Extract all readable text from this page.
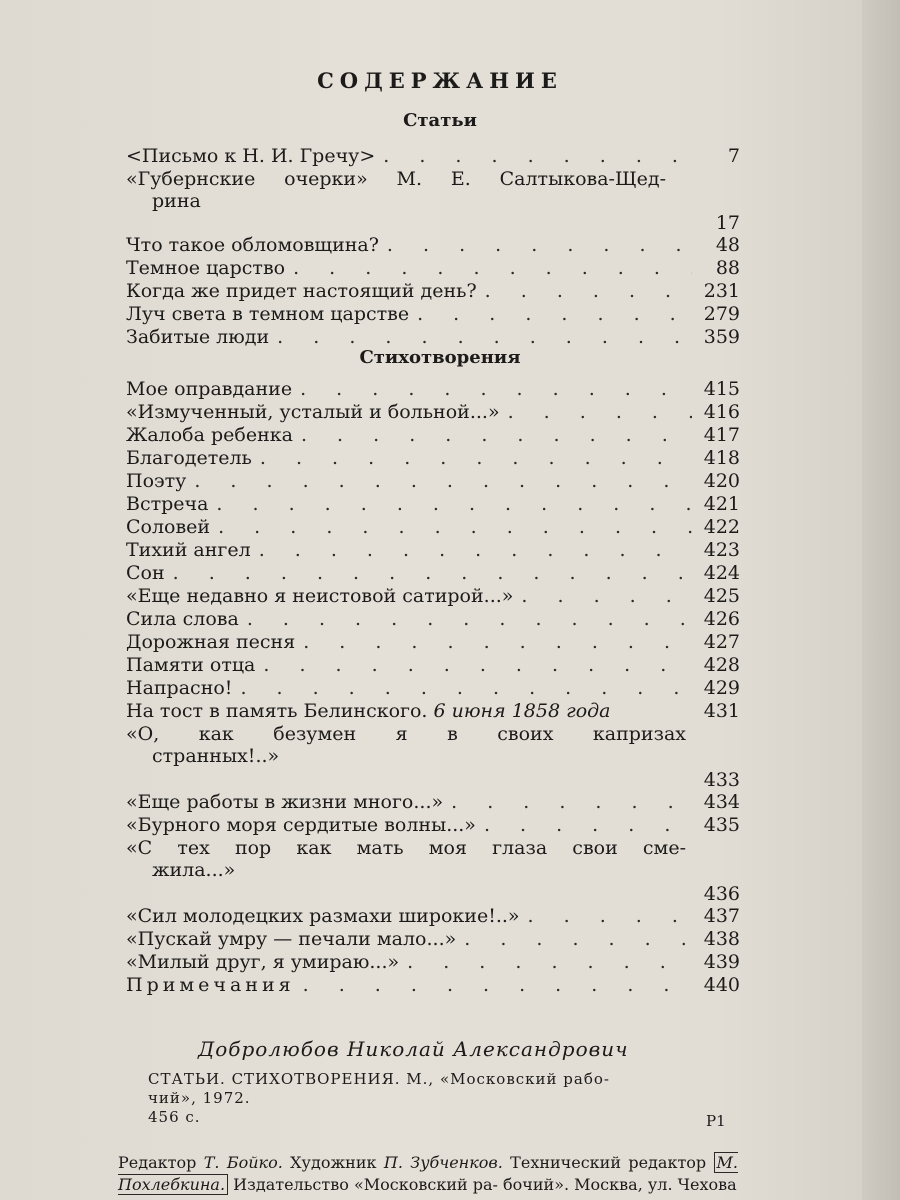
СОДЕРЖАНИЕ
Статьи
<Письмо к Н. И. Гречу> . . .	7
«Губернские очерки» М. Е. Салтыкова-Щед-
рина
17
Что такое обломовщина? . . .	48
Темное царство . . .	88
Когда же придет настоящий день? . . .	231
Луч света в темном царстве . . .	279
Забитые люди . . .	359
Стихотворения
Мое оправдание . . .	415
«Измученный, усталый и больной...» . . .	416
Жалоба ребенка . . .	417
Благодетель . . .	418
Поэту . . .	420
Встреча . . .	421
Соловей . . .	422
Тихий ангел . . .	423
Сон . . .	424
«Еще недавно я неистовой сатирой...» . . .	425
Сила слова . . .	426
Дорожная песня . . .	427
Памяти отца . . .	428
Напрасно! . . .	429
На тост в память Белинского. 6 июня 1858 года	431
«О, как безумен я в своих капризах
странных!..»
433
«Еще работы в жизни много...» . . .	434
«Бурного моря сердитые волны...» . . .	435
«С тех пор как мать моя глаза свои сме-
жила...»
436
«Сил молодецких размахи широкие!..» . . .	437
«Пускай умру — печали мало...» . . .	438
«Милый друг, я умираю...» . . .	439
Примечания . . .	440
Добролюбов Николай Александрович
СТАТЬИ. СТИХОТВОРЕНИЯ. М., «Московский рабо-
чий», 1972.
456 с.	Р1
Редактор Т. Бойко. Художник П. Зубченков. Технический редактор М. Похлебкина. Издательство «Московский ра- бочий». Москва, ул. Чехова
